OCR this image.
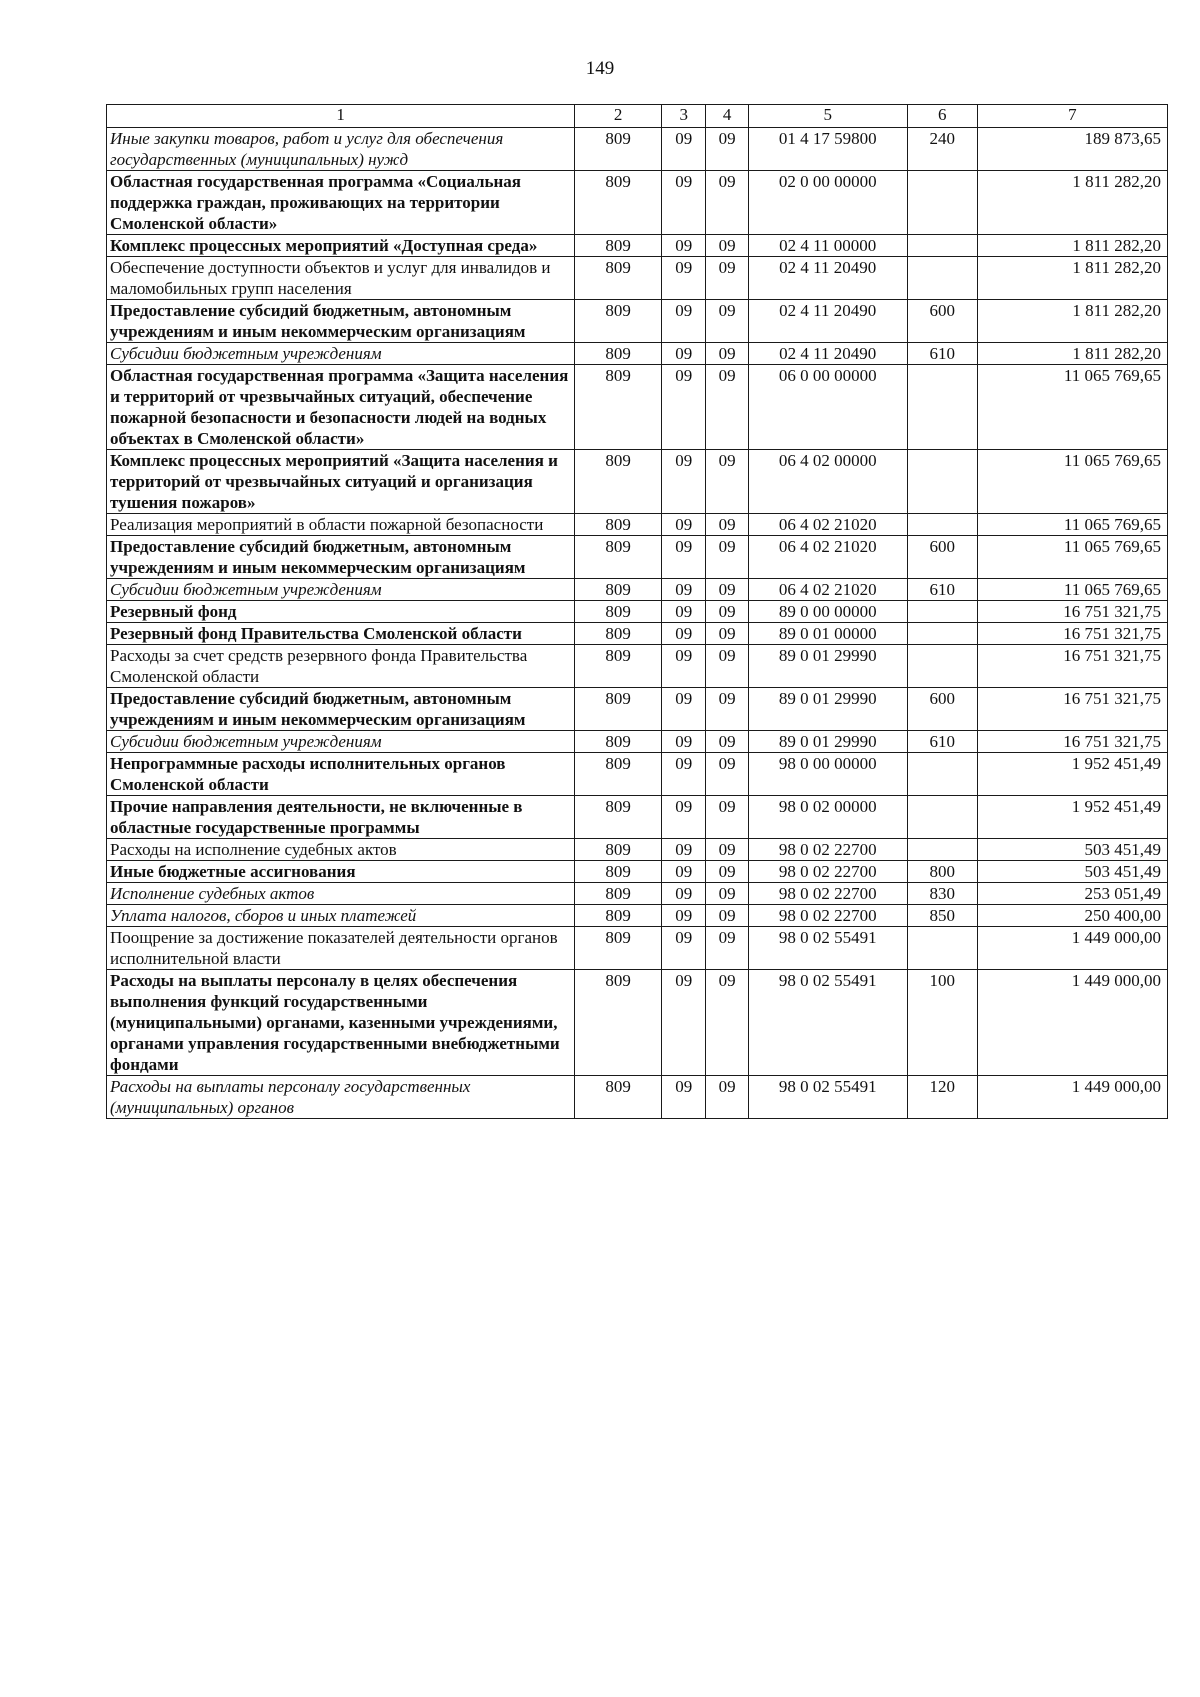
149
1	2	3	4	5	6	7
Иные закупки товаров, работ и услуг для обеспечения государственных (муниципальных) нужд	809	09	09	01 4 17 59800	240	189 873,65
Областная государственная программа «Социальная поддержка граждан, проживающих на территории Смоленской области»	809	09	09	02 0 00 00000		1 811 282,20
Комплекс процессных мероприятий «Доступная среда»	809	09	09	02 4 11 00000		1 811 282,20
Обеспечение доступности объектов и услуг для инвалидов и маломобильных групп населения	809	09	09	02 4 11 20490		1 811 282,20
Предоставление субсидий бюджетным, автономным учреждениям и иным некоммерческим организациям	809	09	09	02 4 11 20490	600	1 811 282,20
Субсидии бюджетным учреждениям	809	09	09	02 4 11 20490	610	1 811 282,20
Областная государственная программа «Защита населения и территорий от чрезвычайных ситуаций, обеспечение пожарной безопасности и безопасности людей на водных объектах в Смоленской области»	809	09	09	06 0 00 00000		11 065 769,65
Комплекс процессных мероприятий «Защита населения и территорий от чрезвычайных ситуаций и организация тушения пожаров»	809	09	09	06 4 02 00000		11 065 769,65
Реализация мероприятий в области пожарной безопасности	809	09	09	06 4 02 21020		11 065 769,65
Предоставление субсидий бюджетным, автономным учреждениям и иным некоммерческим организациям	809	09	09	06 4 02 21020	600	11 065 769,65
Субсидии бюджетным учреждениям	809	09	09	06 4 02 21020	610	11 065 769,65
Резервный фонд	809	09	09	89 0 00 00000		16 751 321,75
Резервный фонд Правительства Смоленской области	809	09	09	89 0 01 00000		16 751 321,75
Расходы за счет средств резервного фонда Правительства Смоленской области	809	09	09	89 0 01 29990		16 751 321,75
Предоставление субсидий бюджетным, автономным учреждениям и иным некоммерческим организациям	809	09	09	89 0 01 29990	600	16 751 321,75
Субсидии бюджетным учреждениям	809	09	09	89 0 01 29990	610	16 751 321,75
Непрограммные расходы исполнительных органов Смоленской области	809	09	09	98 0 00 00000		1 952 451,49
Прочие направления деятельности, не включенные в областные государственные программы	809	09	09	98 0 02 00000		1 952 451,49
Расходы на исполнение судебных актов	809	09	09	98 0 02 22700		503 451,49
Иные бюджетные ассигнования	809	09	09	98 0 02 22700	800	503 451,49
Исполнение судебных актов	809	09	09	98 0 02 22700	830	253 051,49
Уплата налогов, сборов и иных платежей	809	09	09	98 0 02 22700	850	250 400,00
Поощрение за достижение показателей деятельности органов исполнительной власти	809	09	09	98 0 02 55491		1 449 000,00
Расходы на выплаты персоналу в целях обеспечения выполнения функций государственными (муниципальными) органами, казенными учреждениями, органами управления государственными внебюджетными фондами	809	09	09	98 0 02 55491	100	1 449 000,00
Расходы на выплаты персоналу государственных (муниципальных) органов	809	09	09	98 0 02 55491	120	1 449 000,00
